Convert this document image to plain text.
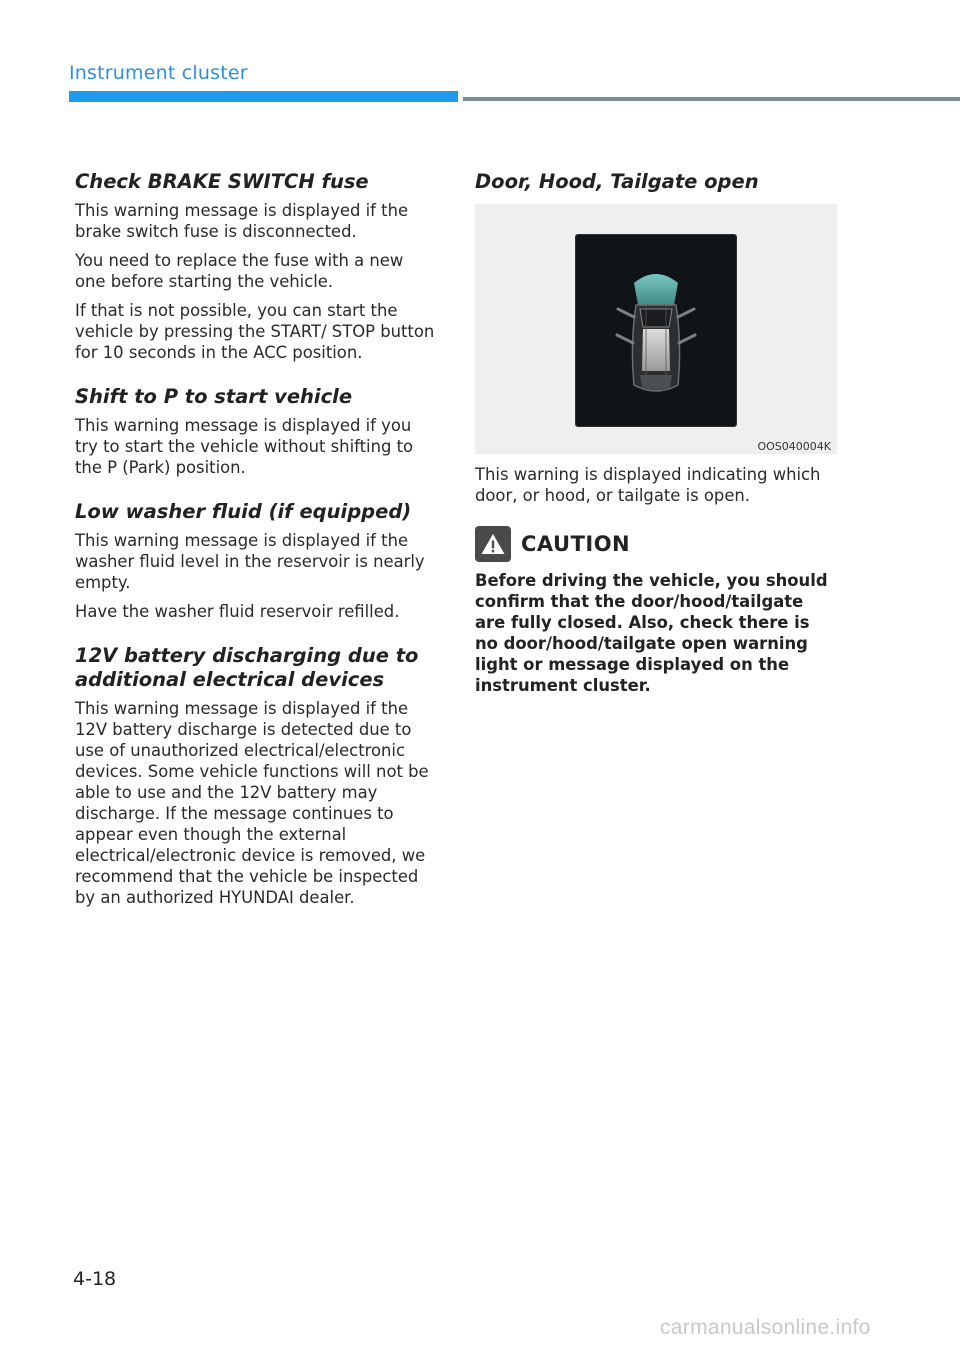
Instrument cluster
Check BRAKE SWITCH fuse

This warning message is displayed if the brake switch fuse is disconnected.

You need to replace the fuse with a new one before starting the vehicle.

If that is not possible, you can start the vehicle by pressing the START/ STOP button for 10 seconds in the ACC position.

Shift to P to start vehicle

This warning message is displayed if you try to start the vehicle without shifting to the P (Park) position.

Low washer fluid (if equipped)

This warning message is displayed if the washer fluid level in the reservoir is nearly empty.

Have the washer fluid reservoir refilled.

12V battery discharging due to additional electrical devices

This warning message is displayed if the 12V battery discharge is detected due to use of unauthorized electrical/electronic devices. Some vehicle functions will not be able to use and the 12V battery may discharge. If the message continues to appear even though the external electrical/electronic device is removed, we recommend that the vehicle be inspected by an authorized HYUNDAI dealer.

Door, Hood, Tailgate open
OOS040004K

This warning is displayed indicating which door, or hood, or tailgate is open.

CAUTION

Before driving the vehicle, you should confirm that the door/hood/tailgate are fully closed. Also, check there is no door/hood/tailgate open warning light or message displayed on the instrument cluster.

4-18
carmanualsonline.info
